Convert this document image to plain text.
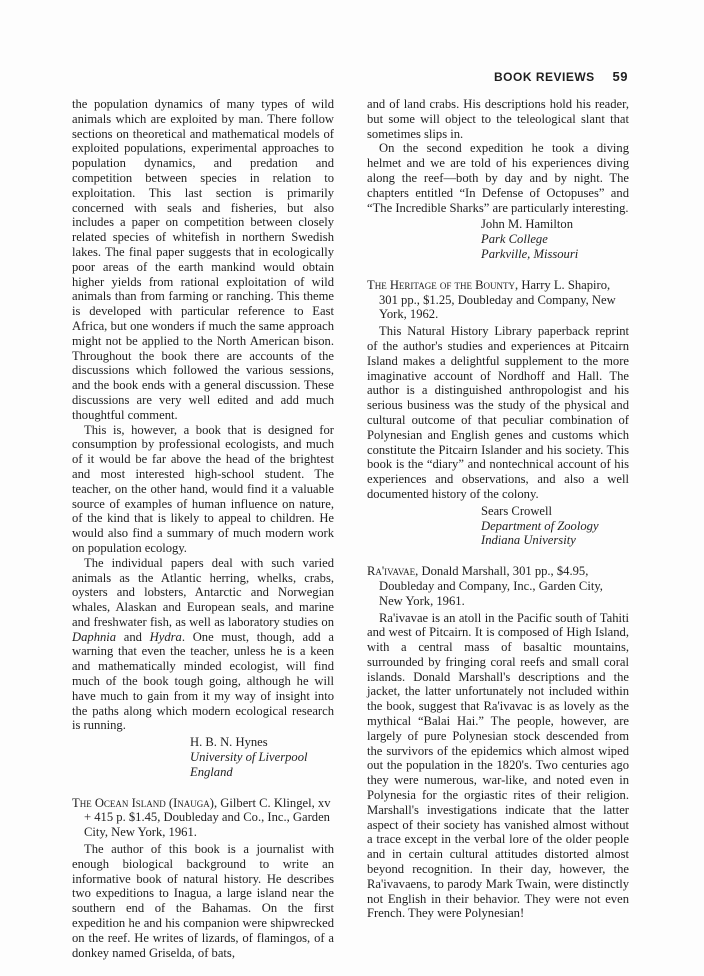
BOOK REVIEWS 59

the population dynamics of many types of wild animals which are exploited by man. There follow sections on theoretical and mathematical models of exploited populations, experimental approaches to population dynamics, and predation and competition between species in relation to exploitation. This last section is primarily concerned with seals and fisheries, but also includes a paper on competition between closely related species of whitefish in northern Swedish lakes. The final paper suggests that in ecologically poor areas of the earth mankind would obtain higher yields from rational exploitation of wild animals than from farming or ranching. This theme is developed with particular reference to East Africa, but one wonders if much the same approach might not be applied to the North American bison. Throughout the book there are accounts of the discussions which followed the various sessions, and the book ends with a general discussion. These discussions are very well edited and add much thoughtful comment.

This is, however, a book that is designed for consumption by professional ecologists, and much of it would be far above the head of the brightest and most interested high-school student. The teacher, on the other hand, would find it a valuable source of examples of human influence on nature, of the kind that is likely to appeal to children. He would also find a summary of much modern work on population ecology.

The individual papers deal with such varied animals as the Atlantic herring, whelks, crabs, oysters and lobsters, Antarctic and Norwegian whales, Alaskan and European seals, and marine and freshwater fish, as well as laboratory studies on Daphnia and Hydra. One must, though, add a warning that even the teacher, unless he is a keen and mathematically minded ecologist, will find much of the book tough going, although he will have much to gain from it my way of insight into the paths along which modern ecological research is running.

H. B. N. Hynes
University of Liverpool
England
The Ocean Island (Inauga), Gilbert C. Klingel, xv + 415 p. $1.45, Doubleday and Co., Inc., Garden City, New York, 1961.

The author of this book is a journalist with enough biological background to write an informative book of natural history. He describes two expeditions to Inagua, a large island near the southern end of the Bahamas. On the first expedition he and his companion were shipwrecked on the reef. He writes of lizards, of flamingos, of a donkey named Griselda, of bats,

and of land crabs. His descriptions hold his reader, but some will object to the teleological slant that sometimes slips in.

On the second expedition he took a diving helmet and we are told of his experiences diving along the reef—both by day and by night. The chapters entitled “In Defense of Octopuses” and “The Incredible Sharks” are particularly interesting.

John M. Hamilton
Park College
Parkville, Missouri
The Heritage of the Bounty, Harry L. Shapiro, 301 pp., $1.25, Doubleday and Company, New York, 1962.

This Natural History Library paperback reprint of the author's studies and experiences at Pitcairn Island makes a delightful supplement to the more imaginative account of Nordhoff and Hall. The author is a distinguished anthropologist and his serious business was the study of the physical and cultural outcome of that peculiar combination of Polynesian and English genes and customs which constitute the Pitcairn Islander and his society. This book is the “diary” and nontechnical account of his experiences and observations, and also a well documented history of the colony.

Sears Crowell
Department of Zoology
Indiana University
Ra'ivavae, Donald Marshall, 301 pp., $4.95, Doubleday and Company, Inc., Garden City, New York, 1961.

Ra'ivavae is an atoll in the Pacific south of Tahiti and west of Pitcairn. It is composed of High Island, with a central mass of basaltic mountains, surrounded by fringing coral reefs and small coral islands. Donald Marshall's descriptions and the jacket, the latter unfortunately not included within the book, suggest that Ra'ivavac is as lovely as the mythical “Balai Hai.” The people, however, are largely of pure Polynesian stock descended from the survivors of the epidemics which almost wiped out the population in the 1820's. Two centuries ago they were numerous, war-like, and noted even in Polynesia for the orgiastic rites of their religion. Marshall's investigations indicate that the latter aspect of their society has vanished almost without a trace except in the verbal lore of the older people and in certain cultural attitudes distorted almost beyond recognition. In their day, however, the Ra'ivavaens, to parody Mark Twain, were distinctly not English in their behavior. They were not even French. They were Polynesian!
